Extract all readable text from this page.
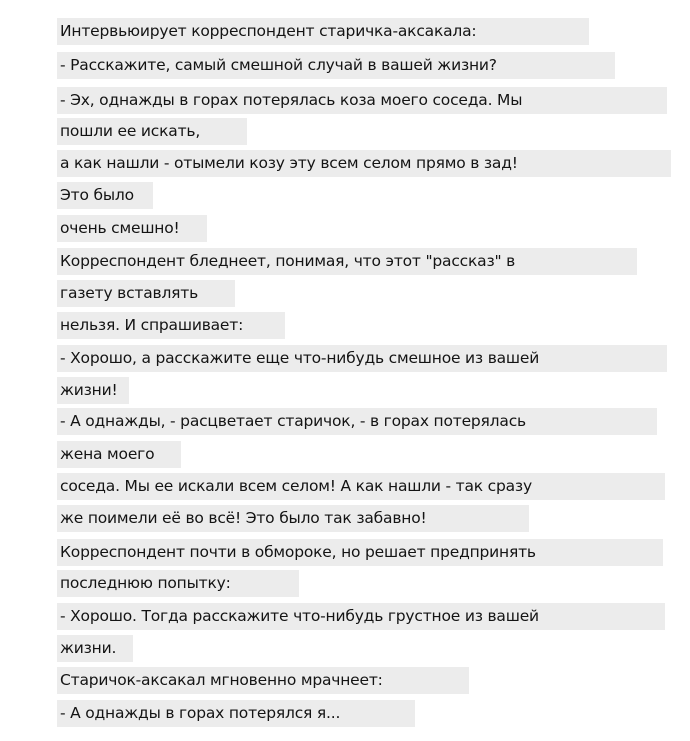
Интервьюирует корреспондент старичка-аксакала:
- Расскажите, самый смешной случай в вашей жизни?
- Эх, однажды в горах потерялась коза моего соседа. Мы
пошли ее искать,
а как нашли - отымели козу эту всем селом прямо в зад!
Это было
очень смешно!
Корреспондент бледнеет, понимая, что этот "рассказ" в
газету вставлять
нельзя. И спрашивает:
- Хорошо, а расскажите еще что-нибудь смешное из вашей
жизни!
- А однажды, - расцветает старичок, - в горах потерялась
жена моего
соседа. Мы ее искали всем селом! А как нашли - так сразу
же поимели её во всё! Это было так забавно!
Корреспондент почти в обмороке, но решает предпринять
последнюю попытку:
- Хорошо. Тогда расскажите что-нибудь грустное из вашей
жизни.
Старичок-аксакал мгновенно мрачнеет:
- А однажды в горах потерялся я...
